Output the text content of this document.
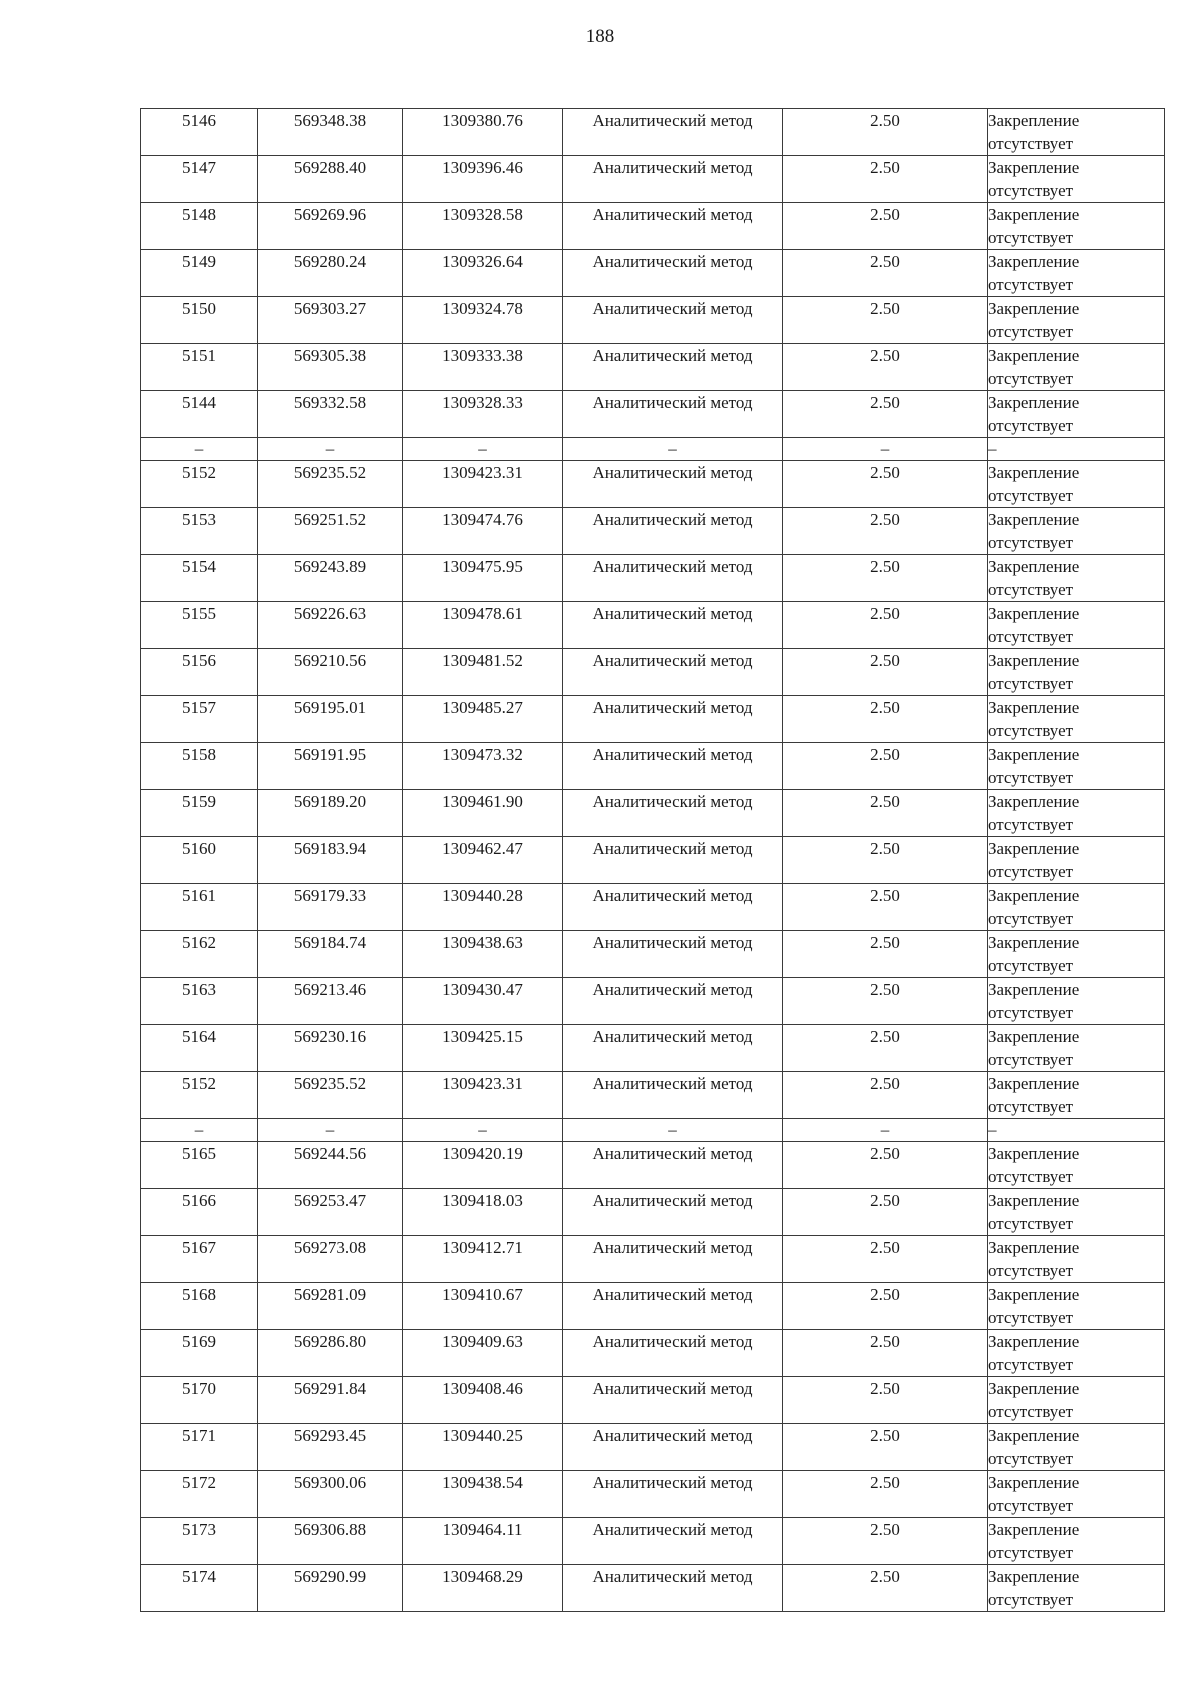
188
5146	569348.38	1309380.76	Аналитический метод	2.50	Закрепление
отсутствует

5147	569288.40	1309396.46	Аналитический метод	2.50	Закрепление
отсутствует

5148	569269.96	1309328.58	Аналитический метод	2.50	Закрепление
отсутствует

5149	569280.24	1309326.64	Аналитический метод	2.50	Закрепление
отсутствует

5150	569303.27	1309324.78	Аналитический метод	2.50	Закрепление
отсутствует

5151	569305.38	1309333.38	Аналитический метод	2.50	Закрепление
отсутствует

5144	569332.58	1309328.33	Аналитический метод	2.50	Закрепление
отсутствует

–	–	–	–	–	–
5152	569235.52	1309423.31	Аналитический метод	2.50	Закрепление
отсутствует

5153	569251.52	1309474.76	Аналитический метод	2.50	Закрепление
отсутствует

5154	569243.89	1309475.95	Аналитический метод	2.50	Закрепление
отсутствует

5155	569226.63	1309478.61	Аналитический метод	2.50	Закрепление
отсутствует

5156	569210.56	1309481.52	Аналитический метод	2.50	Закрепление
отсутствует

5157	569195.01	1309485.27	Аналитический метод	2.50	Закрепление
отсутствует

5158	569191.95	1309473.32	Аналитический метод	2.50	Закрепление
отсутствует

5159	569189.20	1309461.90	Аналитический метод	2.50	Закрепление
отсутствует

5160	569183.94	1309462.47	Аналитический метод	2.50	Закрепление
отсутствует

5161	569179.33	1309440.28	Аналитический метод	2.50	Закрепление
отсутствует

5162	569184.74	1309438.63	Аналитический метод	2.50	Закрепление
отсутствует

5163	569213.46	1309430.47	Аналитический метод	2.50	Закрепление
отсутствует

5164	569230.16	1309425.15	Аналитический метод	2.50	Закрепление
отсутствует

5152	569235.52	1309423.31	Аналитический метод	2.50	Закрепление
отсутствует

–	–	–	–	–	–
5165	569244.56	1309420.19	Аналитический метод	2.50	Закрепление
отсутствует

5166	569253.47	1309418.03	Аналитический метод	2.50	Закрепление
отсутствует

5167	569273.08	1309412.71	Аналитический метод	2.50	Закрепление
отсутствует

5168	569281.09	1309410.67	Аналитический метод	2.50	Закрепление
отсутствует

5169	569286.80	1309409.63	Аналитический метод	2.50	Закрепление
отсутствует

5170	569291.84	1309408.46	Аналитический метод	2.50	Закрепление
отсутствует

5171	569293.45	1309440.25	Аналитический метод	2.50	Закрепление
отсутствует

5172	569300.06	1309438.54	Аналитический метод	2.50	Закрепление
отсутствует

5173	569306.88	1309464.11	Аналитический метод	2.50	Закрепление
отсутствует

5174	569290.99	1309468.29	Аналитический метод	2.50	Закрепление
отсутствует
